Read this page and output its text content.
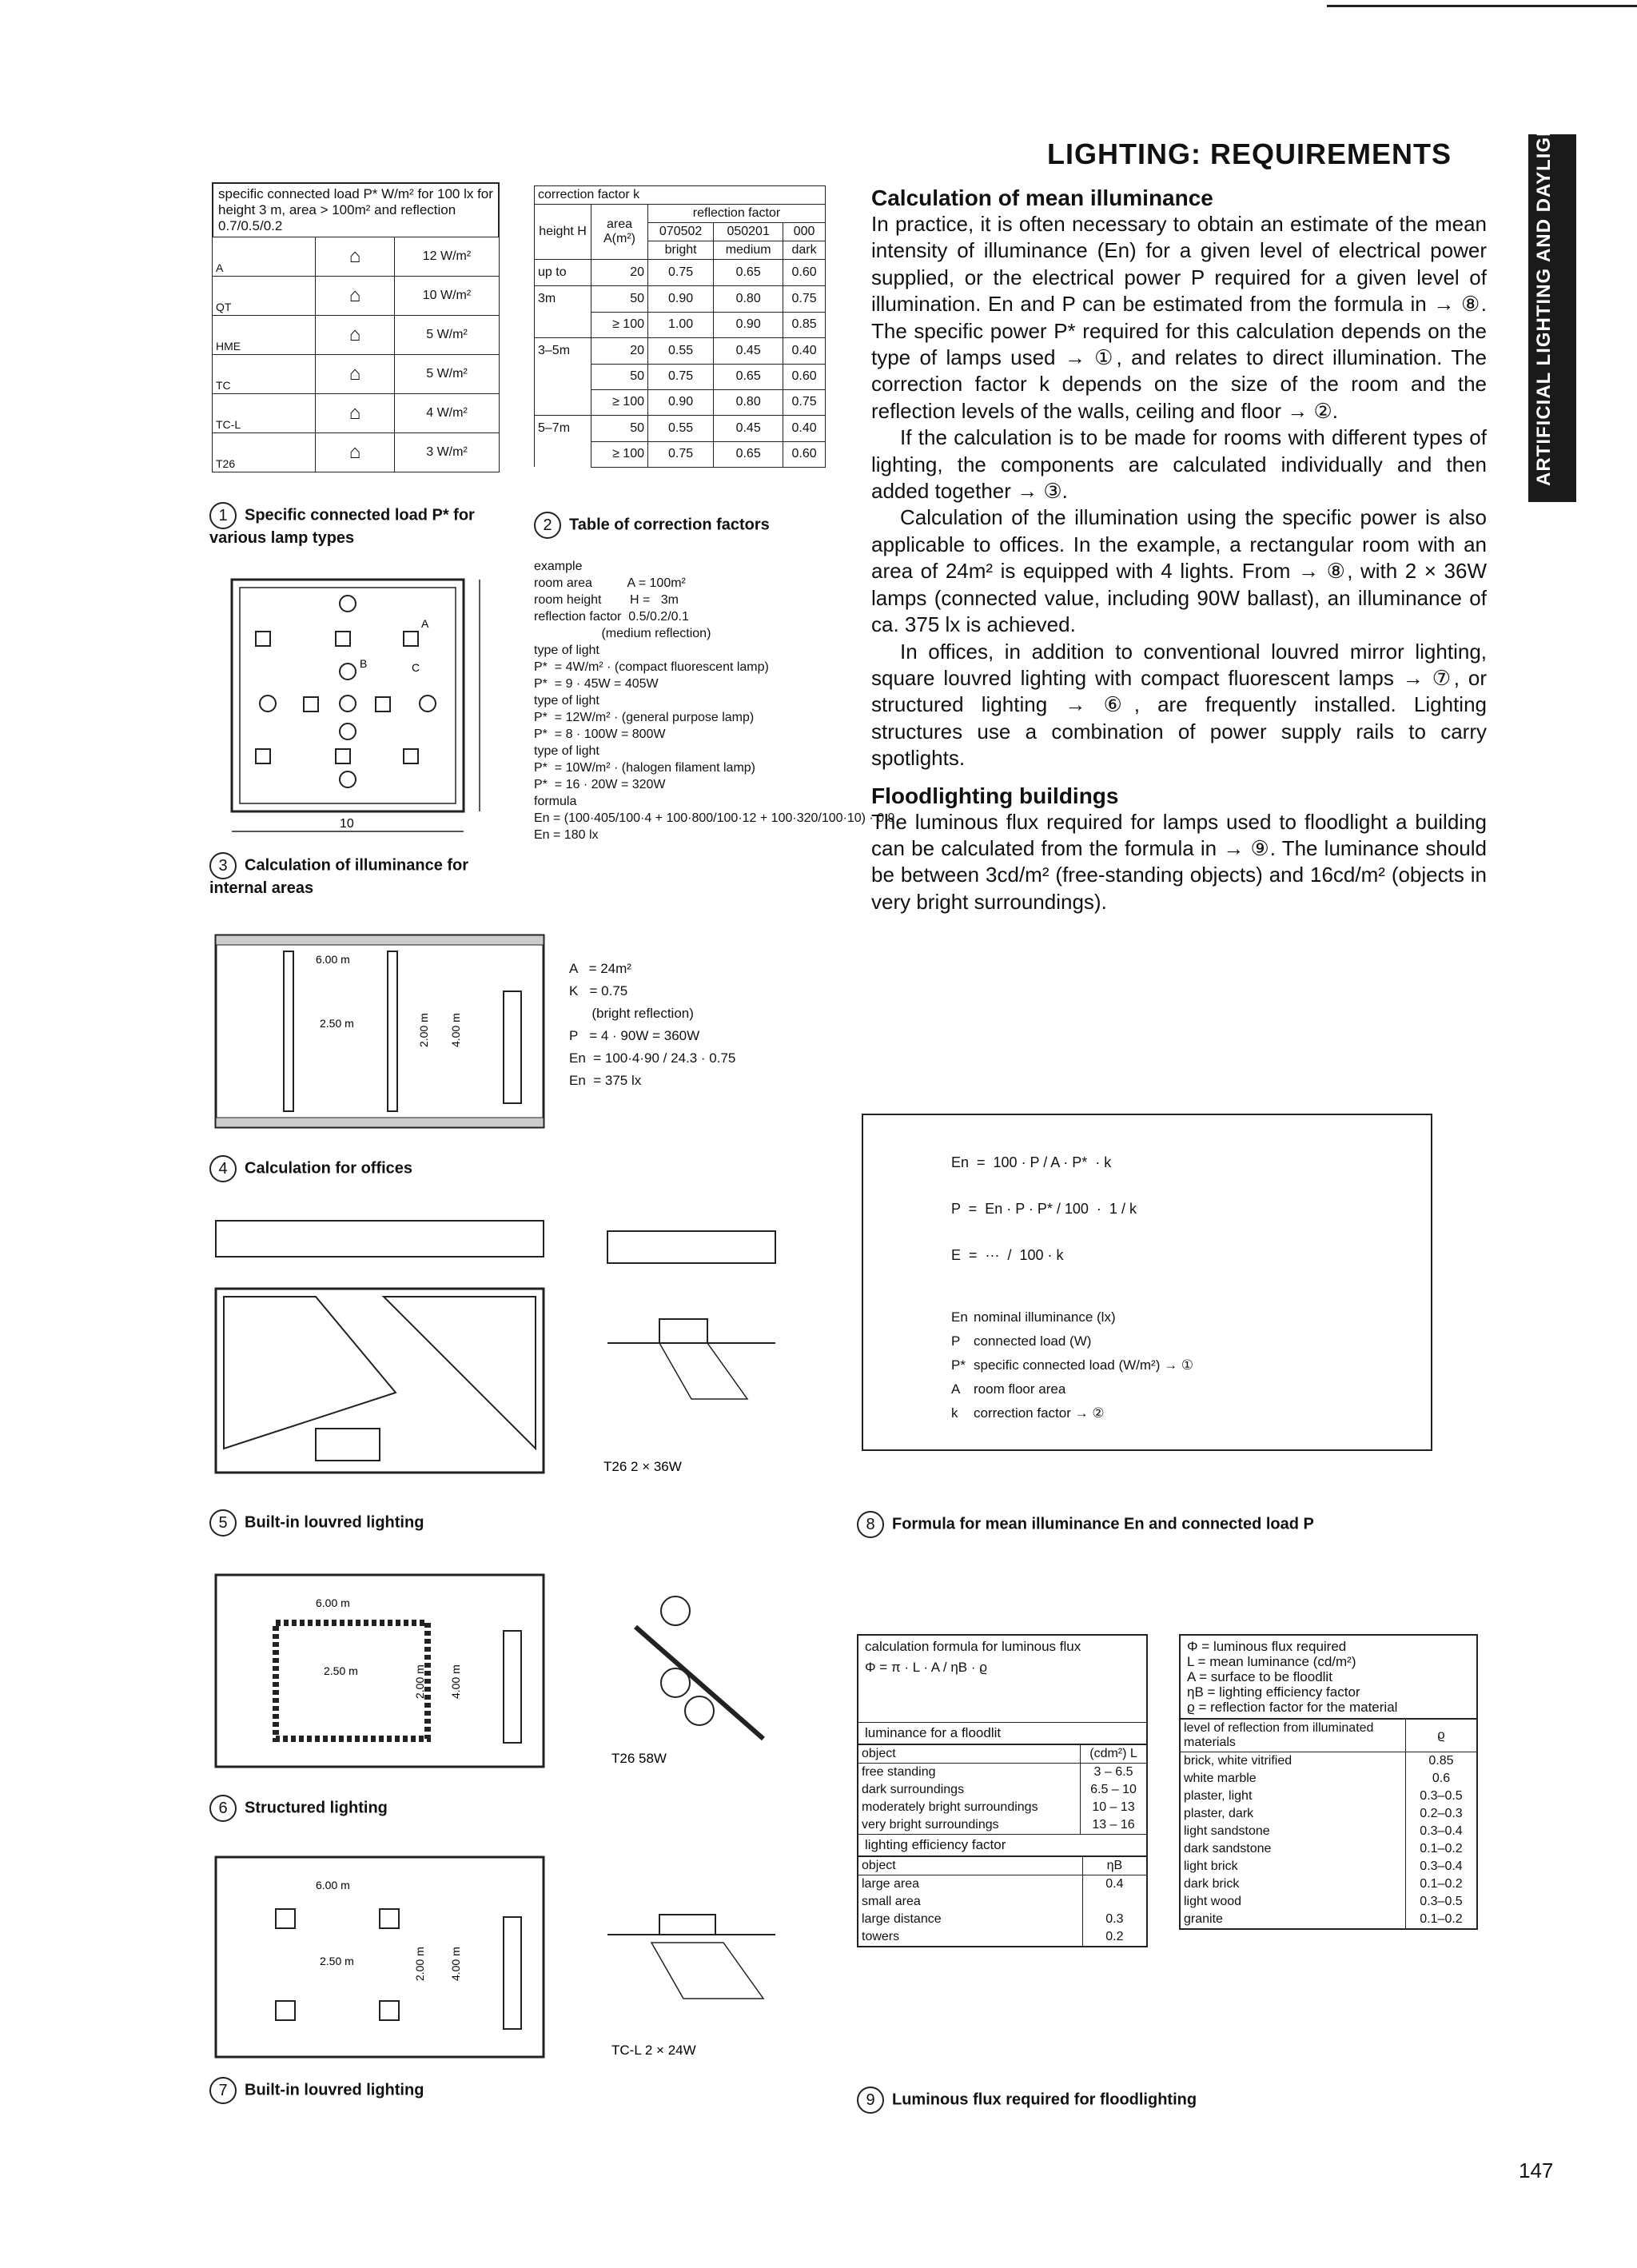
LIGHTING: REQUIREMENTS	ARTIFICIAL LIGHTING AND DAYLIGHT
Calculation of mean illuminance

In practice, it is often necessary to obtain an estimate of the mean intensity of illuminance (En) for a given level of electrical power supplied, or the electrical power P required for a given level of illumination. En and P can be estimated from the formula in → ⑧. The specific power P* required for this calculation depends on the type of lamps used → ①, and relates to direct illumination. The correction factor k depends on the size of the room and the reflection levels of the walls, ceiling and floor → ②.

If the calculation is to be made for rooms with different types of lighting, the components are calculated individually and then added together → ③.

Calculation of the illumination using the specific power is also applicable to offices. In the example, a rectangular room with an area of 24m² is equipped with 4 lights. From → ⑧, with 2 × 36W lamps (connected value, including 90W ballast), an illuminance of ca. 375 lx is achieved.

In offices, in addition to conventional louvred mirror lighting, square louvred lighting with compact fluorescent lamps → ⑦, or structured lighting → ⑥, are frequently installed. Lighting structures use a combination of power supply rails to carry spotlights.

Floodlighting buildings

The luminous flux required for lamps used to floodlight a building can be calculated from the formula in → ⑨. The luminance should be between 3cd/m² (free-standing objects) and 16cd/m² (objects in very bright surroundings).

specific connected load P* W/m² for 100 lx for height 3 m, area > 100m² and reflection 0.7/0.5/0.2
A	⌂	12 W/m²
QT	⌂	10 W/m²
HME	⌂	5 W/m²
TC	⌂	5 W/m²
TC-L	⌂	4 W/m²
T26	⌂	3 W/m²
1 Specific connected load P* for various lamp types
correction factor k				
height H	area A(m²)	reflection factor		
		070502	050201	000
		bright	medium	dark
up to	20	0.75	0.65	0.60
3m	50	0.90	0.80	0.75
	≥ 100	1.00	0.90	0.85
3–5m	20	0.55	0.45	0.40
	50	0.75	0.65	0.60
	≥ 100	0.90	0.80	0.75
5–7m	50	0.55	0.45	0.40
	≥ 100	0.75	0.65	0.60
2 Table of correction factors
example
room area          A = 100m²
room height        H =   3m
reflection factor  0.5/0.2/0.1
(medium reflection)
type of light
P*  = 4W/m² · (compact fluorescent lamp)
P*  = 9 · 45W = 405W
type of light
P*  = 12W/m² · (general purpose lamp)
P*  = 8 · 100W = 800W
type of light
P*  = 10W/m² · (halogen filament lamp)
P*  = 16 · 20W = 320W
formula
En = (100·405/100·4 + 100·800/100·12 + 100·320/100·10) · 0.9
En = 180 lx
10
A
B	C
3 Calculation of illuminance for internal areas
6.00 m
2.50 m	2.00 m 4.00 m
A   = 24m²
K   = 0.75
(bright reflection)
P   = 4 · 90W = 360W
En  = 100·4·90 / 24.3 · 0.75
En  = 375 lx
4 Calculation for offices
5 Built-in louvred lighting
T26 2 × 36W
En  =  100 · P / A · P*  · k
P  =  En · P · P* / 100  ·  1 / k
E  =  ···  /  100 · k
En nominal illuminance (lx)
P connected load (W)
P* specific connected load (W/m²) → ①
A room floor area
k correction factor → ②
8 Formula for mean illuminance En and connected load P
6.00 m
2.50 m	2.00 m 4.00 m
T26 58W
6 Structured lighting
6.00 m
2.50 m	2.00 m 4.00 m
TC-L 2 × 24W
7 Built-in louvred lighting
calculation formula for luminous flux
Φ = π · L · A / ηB · ϱ
luminance for a floodlit
object	(cdm²) L
free standing	3 – 6.5
dark surroundings	6.5 – 10
moderately bright surroundings	10 – 13
very bright surroundings	13 – 16
lighting efficiency factor
object	ηB
large area	0.4
small area	
large distance	0.3
towers	0.2
Φ = luminous flux required
L = mean luminance (cd/m²)
A = surface to be floodlit
ηB = lighting efficiency factor
ϱ = reflection factor for the material
level of reflection from illuminated materials	ϱ
brick, white vitrified	0.85
white marble	0.6
plaster, light	0.3–0.5
plaster, dark	0.2–0.3
light sandstone	0.3–0.4
dark sandstone	0.1–0.2
light brick	0.3–0.4
dark brick	0.1–0.2
light wood	0.3–0.5
granite	0.1–0.2
9 Luminous flux required for floodlighting
147
